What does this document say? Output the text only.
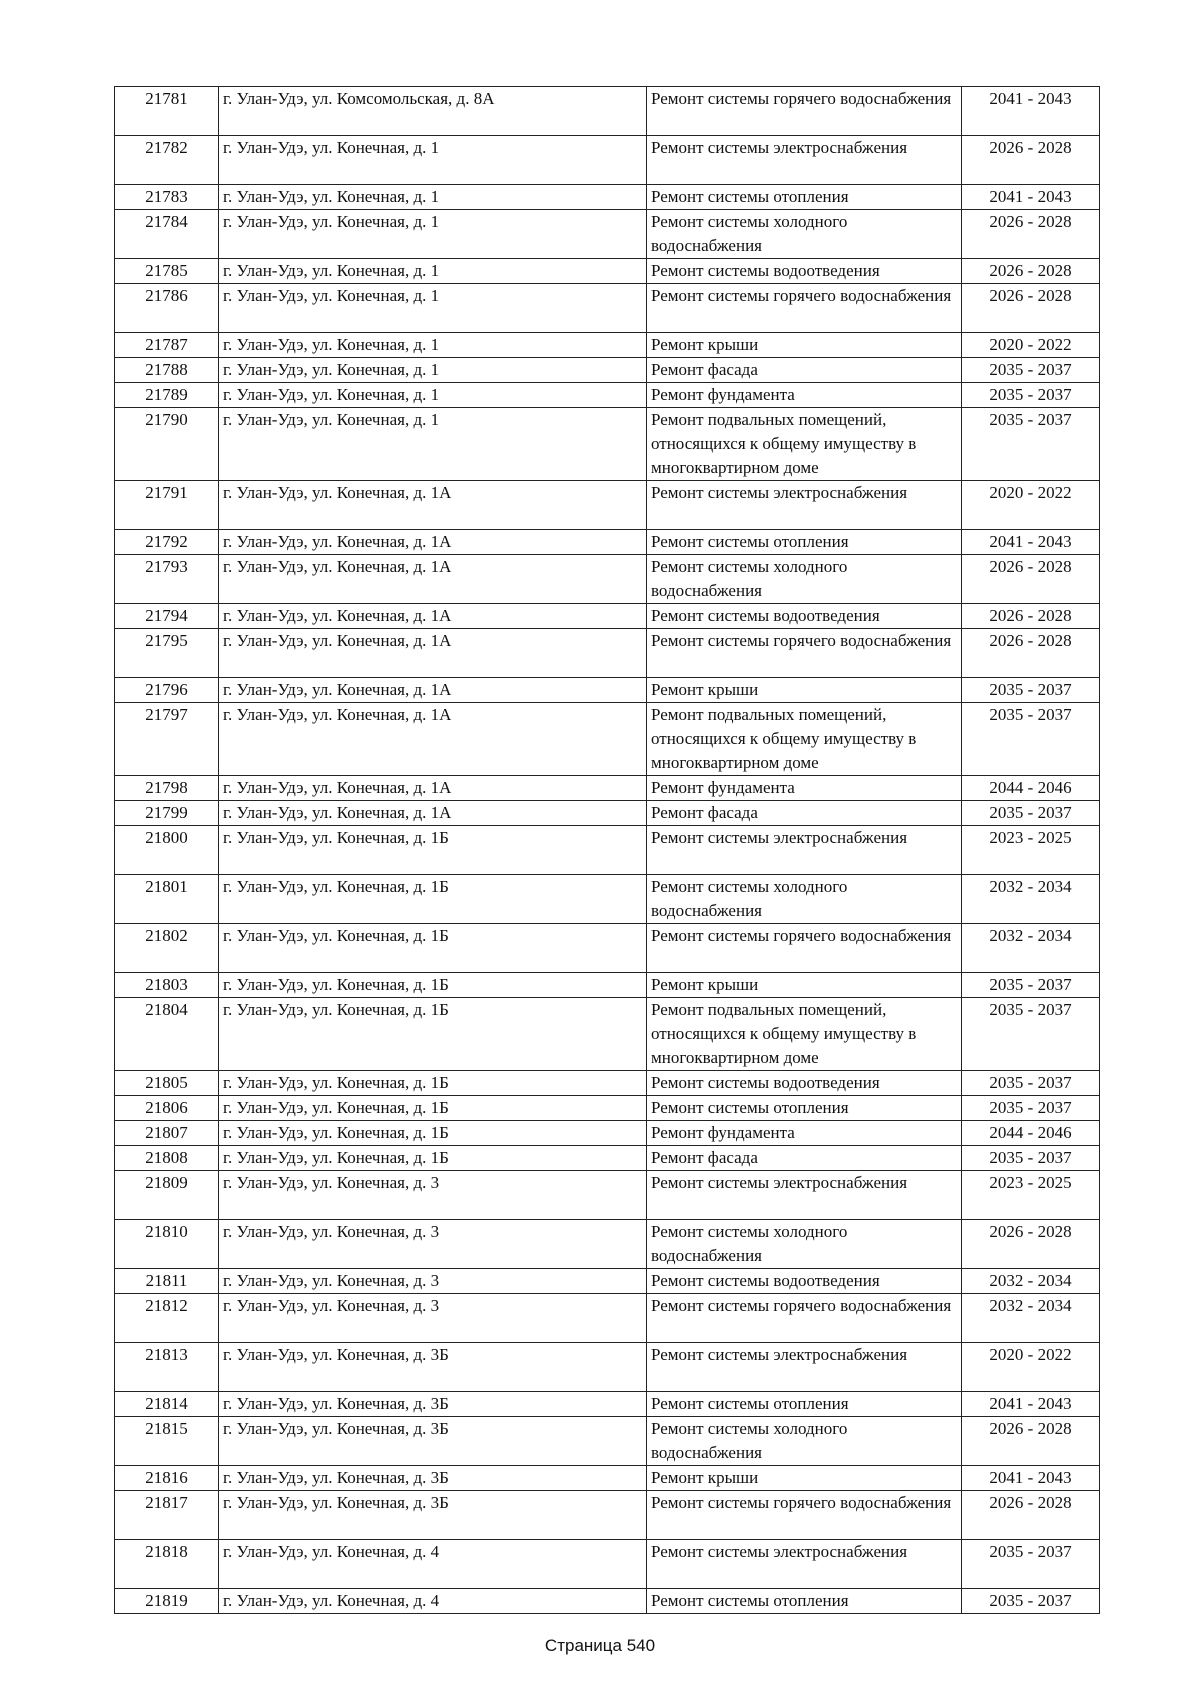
21781	г. Улан-Удэ, ул. Комсомольская, д. 8А	Ремонт системы горячего водоснабжения	2041 - 2043
21782	г. Улан-Удэ, ул. Конечная, д. 1	Ремонт системы электроснабжения	2026 - 2028
21783	г. Улан-Удэ, ул. Конечная, д. 1	Ремонт системы отопления	2041 - 2043
21784	г. Улан-Удэ, ул. Конечная, д. 1	Ремонт системы холодного водоснабжения	2026 - 2028
21785	г. Улан-Удэ, ул. Конечная, д. 1	Ремонт системы водоотведения	2026 - 2028
21786	г. Улан-Удэ, ул. Конечная, д. 1	Ремонт системы горячего водоснабжения	2026 - 2028
21787	г. Улан-Удэ, ул. Конечная, д. 1	Ремонт крыши	2020 - 2022
21788	г. Улан-Удэ, ул. Конечная, д. 1	Ремонт фасада	2035 - 2037
21789	г. Улан-Удэ, ул. Конечная, д. 1	Ремонт фундамента	2035 - 2037
21790	г. Улан-Удэ, ул. Конечная, д. 1	Ремонт подвальных помещений, относящихся к общему имуществу в многоквартирном доме	2035 - 2037
21791	г. Улан-Удэ, ул. Конечная, д. 1А	Ремонт системы электроснабжения	2020 - 2022
21792	г. Улан-Удэ, ул. Конечная, д. 1А	Ремонт системы отопления	2041 - 2043
21793	г. Улан-Удэ, ул. Конечная, д. 1А	Ремонт системы холодного водоснабжения	2026 - 2028
21794	г. Улан-Удэ, ул. Конечная, д. 1А	Ремонт системы водоотведения	2026 - 2028
21795	г. Улан-Удэ, ул. Конечная, д. 1А	Ремонт системы горячего водоснабжения	2026 - 2028
21796	г. Улан-Удэ, ул. Конечная, д. 1А	Ремонт крыши	2035 - 2037
21797	г. Улан-Удэ, ул. Конечная, д. 1А	Ремонт подвальных помещений, относящихся к общему имуществу в многоквартирном доме	2035 - 2037
21798	г. Улан-Удэ, ул. Конечная, д. 1А	Ремонт фундамента	2044 - 2046
21799	г. Улан-Удэ, ул. Конечная, д. 1А	Ремонт фасада	2035 - 2037
21800	г. Улан-Удэ, ул. Конечная, д. 1Б	Ремонт системы электроснабжения	2023 - 2025
21801	г. Улан-Удэ, ул. Конечная, д. 1Б	Ремонт системы холодного водоснабжения	2032 - 2034
21802	г. Улан-Удэ, ул. Конечная, д. 1Б	Ремонт системы горячего водоснабжения	2032 - 2034
21803	г. Улан-Удэ, ул. Конечная, д. 1Б	Ремонт крыши	2035 - 2037
21804	г. Улан-Удэ, ул. Конечная, д. 1Б	Ремонт подвальных помещений, относящихся к общему имуществу в многоквартирном доме	2035 - 2037
21805	г. Улан-Удэ, ул. Конечная, д. 1Б	Ремонт системы водоотведения	2035 - 2037
21806	г. Улан-Удэ, ул. Конечная, д. 1Б	Ремонт системы отопления	2035 - 2037
21807	г. Улан-Удэ, ул. Конечная, д. 1Б	Ремонт фундамента	2044 - 2046
21808	г. Улан-Удэ, ул. Конечная, д. 1Б	Ремонт фасада	2035 - 2037
21809	г. Улан-Удэ, ул. Конечная, д. 3	Ремонт системы электроснабжения	2023 - 2025
21810	г. Улан-Удэ, ул. Конечная, д. 3	Ремонт системы холодного водоснабжения	2026 - 2028
21811	г. Улан-Удэ, ул. Конечная, д. 3	Ремонт системы водоотведения	2032 - 2034
21812	г. Улан-Удэ, ул. Конечная, д. 3	Ремонт системы горячего водоснабжения	2032 - 2034
21813	г. Улан-Удэ, ул. Конечная, д. 3Б	Ремонт системы электроснабжения	2020 - 2022
21814	г. Улан-Удэ, ул. Конечная, д. 3Б	Ремонт системы отопления	2041 - 2043
21815	г. Улан-Удэ, ул. Конечная, д. 3Б	Ремонт системы холодного водоснабжения	2026 - 2028
21816	г. Улан-Удэ, ул. Конечная, д. 3Б	Ремонт крыши	2041 - 2043
21817	г. Улан-Удэ, ул. Конечная, д. 3Б	Ремонт системы горячего водоснабжения	2026 - 2028
21818	г. Улан-Удэ, ул. Конечная, д. 4	Ремонт системы электроснабжения	2035 - 2037
21819	г. Улан-Удэ, ул. Конечная, д. 4	Ремонт системы отопления	2035 - 2037
Страница 540
